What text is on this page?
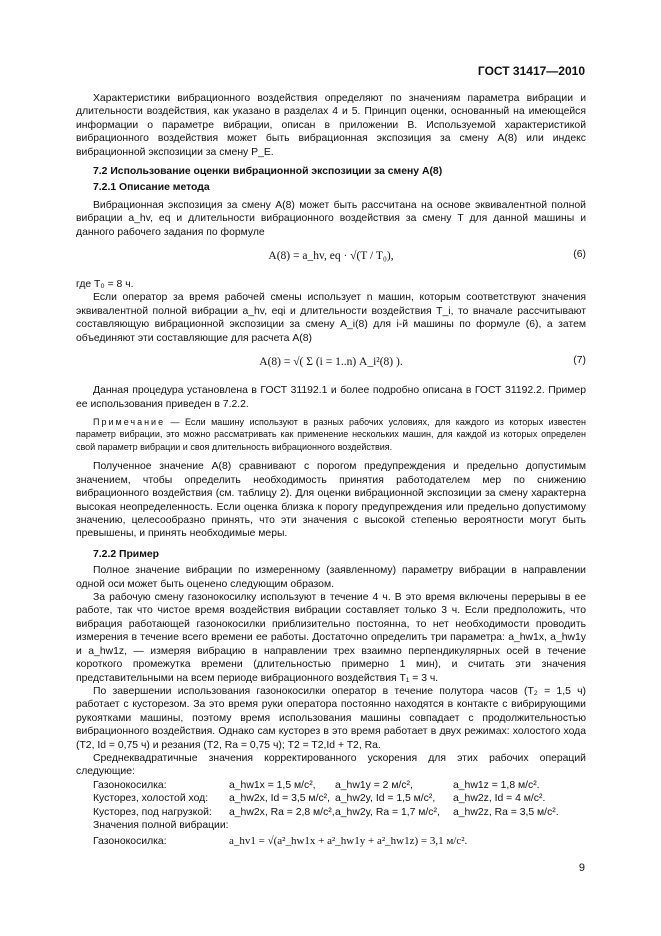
ГОСТ 31417—2010

Характеристики вибрационного воздействия определяют по значениям параметра вибрации и длительности воздействия, как указано в разделах 4 и 5. Принцип оценки, основанный на имеющейся информации о параметре вибрации, описан в приложении В. Используемой характеристикой вибрационного воздействия может быть вибрационная экспозиция за смену A(8) или индекс вибрационной экспозиции за смену P_E.

7.2 Использование оценки вибрационной экспозиции за смену A(8)

7.2.1 Описание метода

Вибрационная экспозиция за смену A(8) может быть рассчитана на основе эквивалентной полной вибрации a_hv, eq и длительности вибрационного воздействия за смену T для данной машины и данного рабочего задания по формуле

A(8) = a_hv, eq · √(T / T₀),	(6)

где T₀ = 8 ч.

Если оператор за время рабочей смены использует n машин, которым соответствуют значения эквивалентной полной вибрации a_hv, eqi и длительности воздействия T_i, то вначале рассчитывают составляющую вибрационной экспозиции за смену A_i(8) для i-й машины по формуле (6), а затем объединяют эти составляющие для расчета A(8)

A(8) = √( Σ (i = 1..n) A_i²(8) ).	(7)

Данная процедура установлена в ГОСТ 31192.1 и более подробно описана в ГОСТ 31192.2. Пример ее использования приведен в 7.2.2.

Примечание — Если машину используют в разных рабочих условиях, для каждого из которых известен параметр вибрации, это можно рассматривать как применение нескольких машин, для каждой из которых определен свой параметр вибрации и своя длительность вибрационного воздействия.

Полученное значение A(8) сравнивают с порогом предупреждения и предельно допустимым значением, чтобы определить необходимость принятия работодателем мер по снижению вибрационного воздействия (см. таблицу 2). Для оценки вибрационной экспозиции за смену характерна высокая неопределенность. Если оценка близка к порогу предупреждения или предельно допустимому значению, целесообразно принять, что эти значения с высокой степенью вероятности могут быть превышены, и принять необходимые меры.

7.2.2 Пример

Полное значение вибрации по измеренному (заявленному) параметру вибрации в направлении одной оси может быть оценено следующим образом.

За рабочую смену газонокосилку используют в течение 4 ч. В это время включены перерывы в ее работе, так что чистое время воздействия вибрации составляет только 3 ч. Если предположить, что вибрация работающей газонокосилки приблизительно постоянна, то нет необходимости проводить измерения в течение всего времени ее работы. Достаточно определить три параметра: a_hw1x, a_hw1y и a_hw1z, — измеряя вибрацию в направлении трех взаимно перпендикулярных осей в течение короткого промежутка времени (длительностью примерно 1 мин), и считать эти значения представительными на всем периоде вибрационного воздействия T₁ = 3 ч.

По завершении использования газонокосилки оператор в течение полутора часов (T₂ = 1,5 ч) работает с кусторезом. За это время руки оператора постоянно находятся в контакте с вибрирующими рукоятками машины, поэтому время использования машины совпадает с продолжительностью вибрационного воздействия. Однако сам кусторез в это время работает в двух режимах: холостого хода (T2, Id = 0,75 ч) и резания (T2, Ra = 0,75 ч); T2 = T2,Id + T2, Ra.

Среднеквадратичные значения корректированного ускорения для этих рабочих операций следующие:

Газонокосилка:	a_hw1x = 1,5 м/с²,	a_hw1y = 2 м/с²,	a_hw1z = 1,8 м/с².
Кусторез, холостой ход:	a_hw2x, Id = 3,5 м/с², a_hw2y, Id = 1,5 м/с²,	a_hw2z, Id = 4 м/с².
Кусторез, под нагрузкой:	a_hw2x, Ra = 2,8 м/с², a_hw2y, Ra = 1,7 м/с²,	a_hw2z, Ra = 3,5 м/с².

Значения полной вибрации:

Газонокосилка:	a_hv1 = √(a²_hw1x + a²_hw1y + a²_hw1z) = 3,1 м/с².
9
